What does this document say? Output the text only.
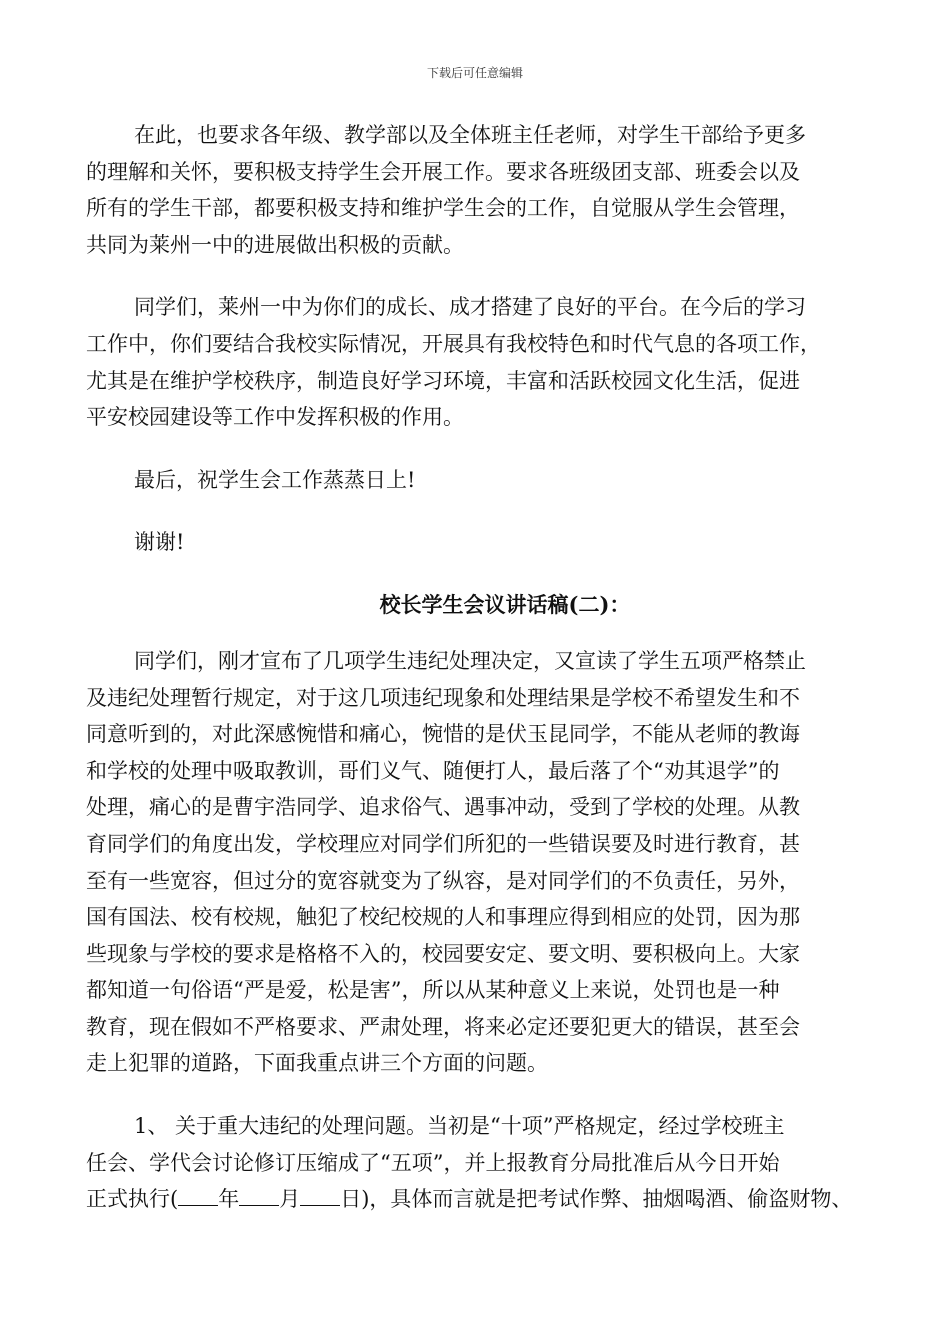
下载后可任意编辑
在此，也要求各年级、教学部以及全体班主任老师，对学生干部给予更多
的理解和关怀，要积极支持学生会开展工作。要求各班级团支部、班委会以及
所有的学生干部，都要积极支持和维护学生会的工作，自觉服从学生会管理，
共同为莱州一中的进展做出积极的贡献。
同学们，莱州一中为你们的成长、成才搭建了良好的平台。在今后的学习
工作中，你们要结合我校实际情况，开展具有我校特色和时代气息的各项工作，
尤其是在维护学校秩序，制造良好学习环境，丰富和活跃校园文化生活，促进
平安校园建设等工作中发挥积极的作用。
最后，祝学生会工作蒸蒸日上!
谢谢!
校长学生会议讲话稿(二)：
同学们，刚才宣布了几项学生违纪处理决定，又宣读了学生五项严格禁止
及违纪处理暂行规定，对于这几项违纪现象和处理结果是学校不希望发生和不
同意听到的，对此深感惋惜和痛心，惋惜的是伏玉昆同学，不能从老师的教诲
和学校的处理中吸取教训，哥们义气、随便打人，最后落了个“劝其退学”的
处理，痛心的是曹宇浩同学、追求俗气、遇事冲动，受到了学校的处理。从教
育同学们的角度出发，学校理应对同学们所犯的一些错误要及时进行教育，甚
至有一些宽容，但过分的宽容就变为了纵容，是对同学们的不负责任，另外，
国有国法、校有校规，触犯了校纪校规的人和事理应得到相应的处罚，因为那
些现象与学校的要求是格格不入的，校园要安定、要文明、要积极向上。大家
都知道一句俗语“严是爱，松是害”，所以从某种意义上来说，处罚也是一种
教育，现在假如不严格要求、严肃处理，将来必定还要犯更大的错误，甚至会
走上犯罪的道路，下面我重点讲三个方面的问题。
1、 关于重大违纪的处理问题。当初是“十项”严格规定，经过学校班主
任会、学代会讨论修订压缩成了“五项”，并上报教育分局批准后从今日开始
正式执行( 年 月 日)，具体而言就是把考试作弊、抽烟喝酒、偷盗财物、
